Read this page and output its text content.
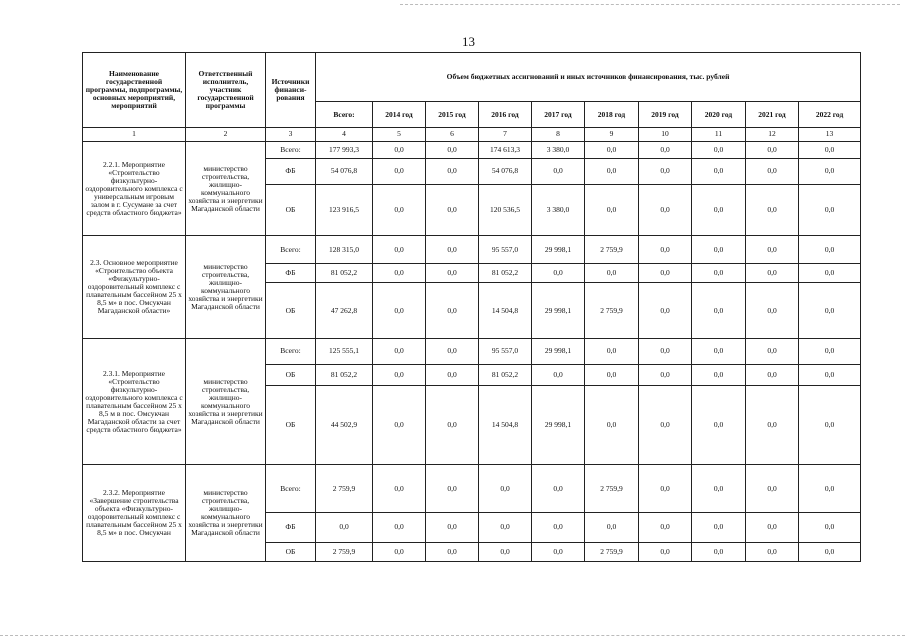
13
Наименование государственной программы, подпрограммы, основных мероприятий, мероприятий	Ответственный исполнитель, участник государственной программы	Источники финанси-рования	Объем бюджетных ассигнований и иных источников финансирования, тыс. рублей									
			Всего:	2014 год	2015 год	2016 год	2017 год	2018 год	2019 год	2020 год	2021 год	2022 год
1	2	3	4	5	6	7	8	9	10	11	12	13
2.2.1. Мероприятие «Строительство физкультурно-оздоровительного комплекса с универсальным игровым залом в г. Сусумане за счет средств областного бюджета»	министерство строительства, жилищно-коммунального хозяйства и энергетики Магаданской области	Всего:	177 993,3	0,0	0,0	174 613,3	3 380,0	0,0	0,0	0,0	0,0	0,0
		ФБ	54 076,8	0,0	0,0	54 076,8	0,0	0,0	0,0	0,0	0,0	0,0
		ОБ	123 916,5	0,0	0,0	120 536,5	3 380,0	0,0	0,0	0,0	0,0	0,0
2.3. Основное мероприятие «Строительство объекта «Физкультурно-оздоровительный комплекс с плавательным бассейном 25 х 8,5 м» в пос. Омсукчан Магаданской области»	министерство строительства, жилищно-коммунального хозяйства и энергетики Магаданской области	Всего:	128 315,0	0,0	0,0	95 557,0	29 998,1	2 759,9	0,0	0,0	0,0	0,0
		ФБ	81 052,2	0,0	0,0	81 052,2	0,0	0,0	0,0	0,0	0,0	0,0
		ОБ	47 262,8	0,0	0,0	14 504,8	29 998,1	2 759,9	0,0	0,0	0,0	0,0
2.3.1. Мероприятие «Строительство физкультурно-оздоровительного комплекса с плавательным бассейном 25 х 8,5 м в пос. Омсукчан Магаданской области за счет средств областного бюджета»	министерство строительства, жилищно-коммунального хозяйства и энергетики Магаданской области	Всего:	125 555,1	0,0	0,0	95 557,0	29 998,1	0,0	0,0	0,0	0,0	0,0
		ОБ	81 052,2	0,0	0,0	81 052,2	0,0	0,0	0,0	0,0	0,0	0,0
		ОБ	44 502,9	0,0	0,0	14 504,8	29 998,1	0,0	0,0	0,0	0,0	0,0
2.3.2. Мероприятие «Завершение строительства объекта «Физкультурно-оздоровительный комплекс с плавательным бассейном 25 х 8,5 м» в пос. Омсукчан	министерство строительства, жилищно-коммунального хозяйства и энергетики Магаданской области	Всего:	2 759,9	0,0	0,0	0,0	0,0	2 759,9	0,0	0,0	0,0	0,0
		ФБ	0,0	0,0	0,0	0,0	0,0	0,0	0,0	0,0	0,0	0,0
		ОБ	2 759,9	0,0	0,0	0,0	0,0	2 759,9	0,0	0,0	0,0	0,0
